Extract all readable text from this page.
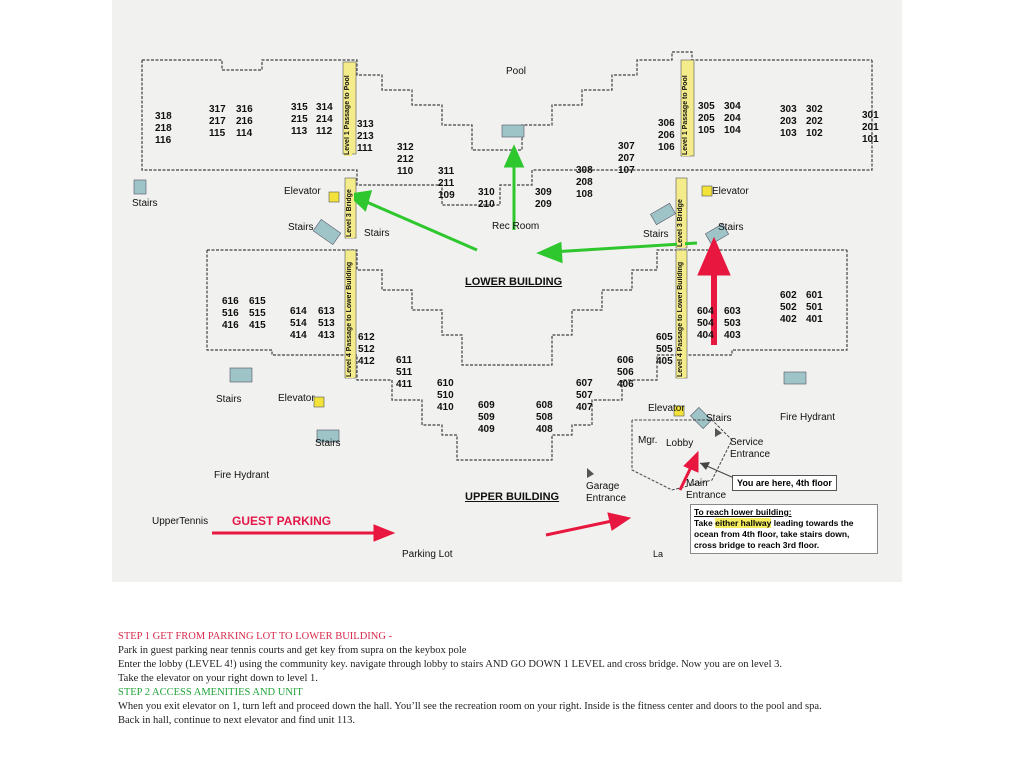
Pool
Rec Room
LOWER BUILDING
UPPER BUILDING
318
218
116
317
217
115
316
216
114
315
215
113
314
214
112
313
213
111 312
212
110 311
211
109 310
210
309
209
308
208
108
307
207
107
306
206
106
305
205
105
304
204
104
303
203
103
302
202
102
301
201
101
616
516
416
615
515
415
614
514
414
613
513
413 612
512
412 611
511
411 610
510
410 609
509
409
608
508
408
607
507
407
606
506
406
605
505
405
604
504
404
603
503
403
602
502
402
601
501
401
Level 1 Passage to Pool	Level 1 Passage to Pool
Level 3 Bridge	Level 3 Bridge
Level 4 Passage to Lower Building	Level 4 Passage to Lower Building
Elevator	Elevator
Elevator
Elevator
Stairs
Stairs
Stairs	Stairs
Stairs
Stairs
Stairs
Stairs	Fire Hydrant
Fire Hydrant
Mgr. Lobby	Service Entrance
Main Entrance
Garage Entrance
UpperTennis GUEST PARKING
Parking Lot	La
You are here, 4th floor
To reach lower building:
Take either hallway leading towards the ocean from 4th floor, take stairs down, cross bridge to reach 3rd floor.
STEP 1 GET FROM PARKING LOT TO LOWER BUILDING -
Park in guest parking near tennis courts and get key from supra on the keybox pole
Enter the lobby (LEVEL 4!) using the community key. navigate through lobby to stairs AND GO DOWN 1 LEVEL and cross bridge. Now you are on level 3.
Take the elevator on your right down to level 1.
STEP 2 ACCESS AMENITIES AND UNIT
When you exit elevator on 1, turn left and proceed down the hall. You’ll see the recreation room on your right. Inside is the fitness center and doors to the pool and spa.
Back in hall, continue to next elevator and find unit 113.
